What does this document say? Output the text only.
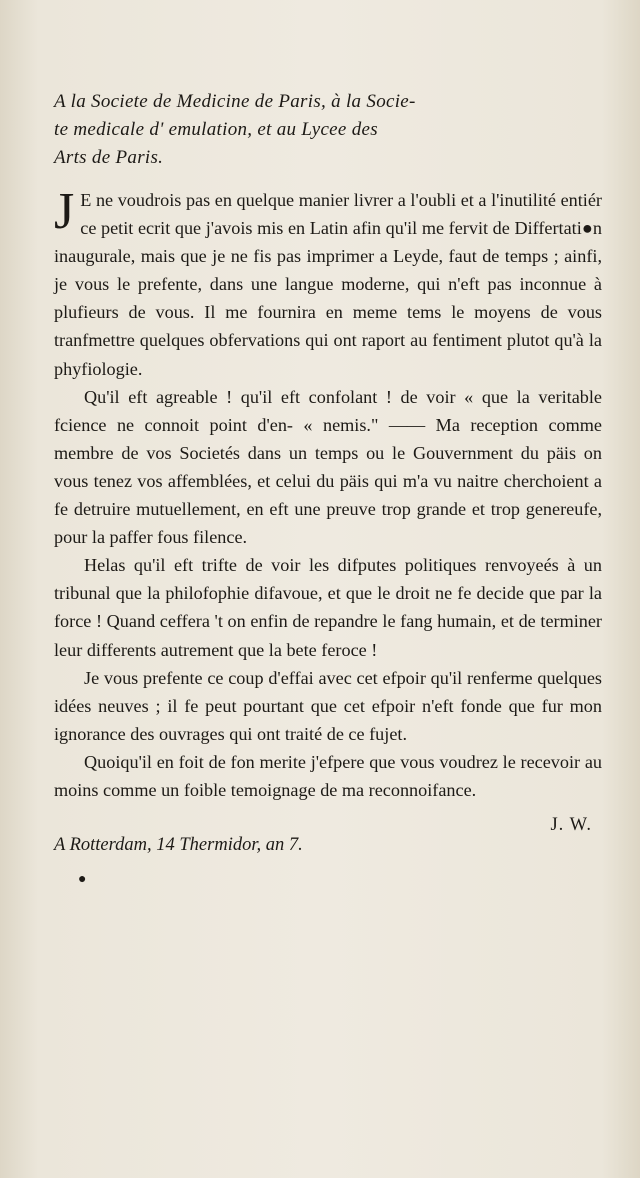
A la Societe de Medicine de Paris, à la Socie-
te medicale d' emulation, et au Lycee des
Arts de Paris.

J E ne voudrois pas en quelque manier livrer a l'oubli et a l'inutilité entiér ce petit ecrit que j'avois mis en Latin afin qu'il me fervit de Differtati●n inaugurale, mais que je ne fis pas imprimer a Leyde, faut de temps ; ainfi, je vous le prefente, dans une langue moderne, qui n'eft pas inconnue à plufieurs de vous. Il me fournira en meme tems le moyens de vous tranfmettre quelques obfervations qui ont raport au fentiment plutot qu'à la phyfiologie.

Qu'il eft agreable ! qu'il eft confolant ! de voir « que la veritable fcience ne connoit point d'en- « nemis." —— Ma reception comme membre de vos Societés dans un temps ou le Gouvernment du päis on vous tenez vos affemblées, et celui du päis qui m'a vu naitre cherchoient a fe detruire mutuellement, en eft une preuve trop grande et trop genereufe, pour la paffer fous filence.

Helas qu'il eft trifte de voir les difputes politiques renvoyeés à un tribunal que la philofophie difavoue, et que le droit ne fe decide que par la force ! Quand ceffera 't on enfin de repandre le fang humain, et de terminer leur differents autrement que la bete feroce !

Je vous prefente ce coup d'effai avec cet efpoir qu'il renferme quelques idées neuves ; il fe peut pourtant que cet efpoir n'eft fonde que fur mon ignorance des ouvrages qui ont traité de ce fujet.

Quoiqu'il en foit de fon merite j'efpere que vous voudrez le recevoir au moins comme un foible temoignage de ma reconnoifance.

J. W.
A Rotterdam, 14 Thermidor, an 7.
●
